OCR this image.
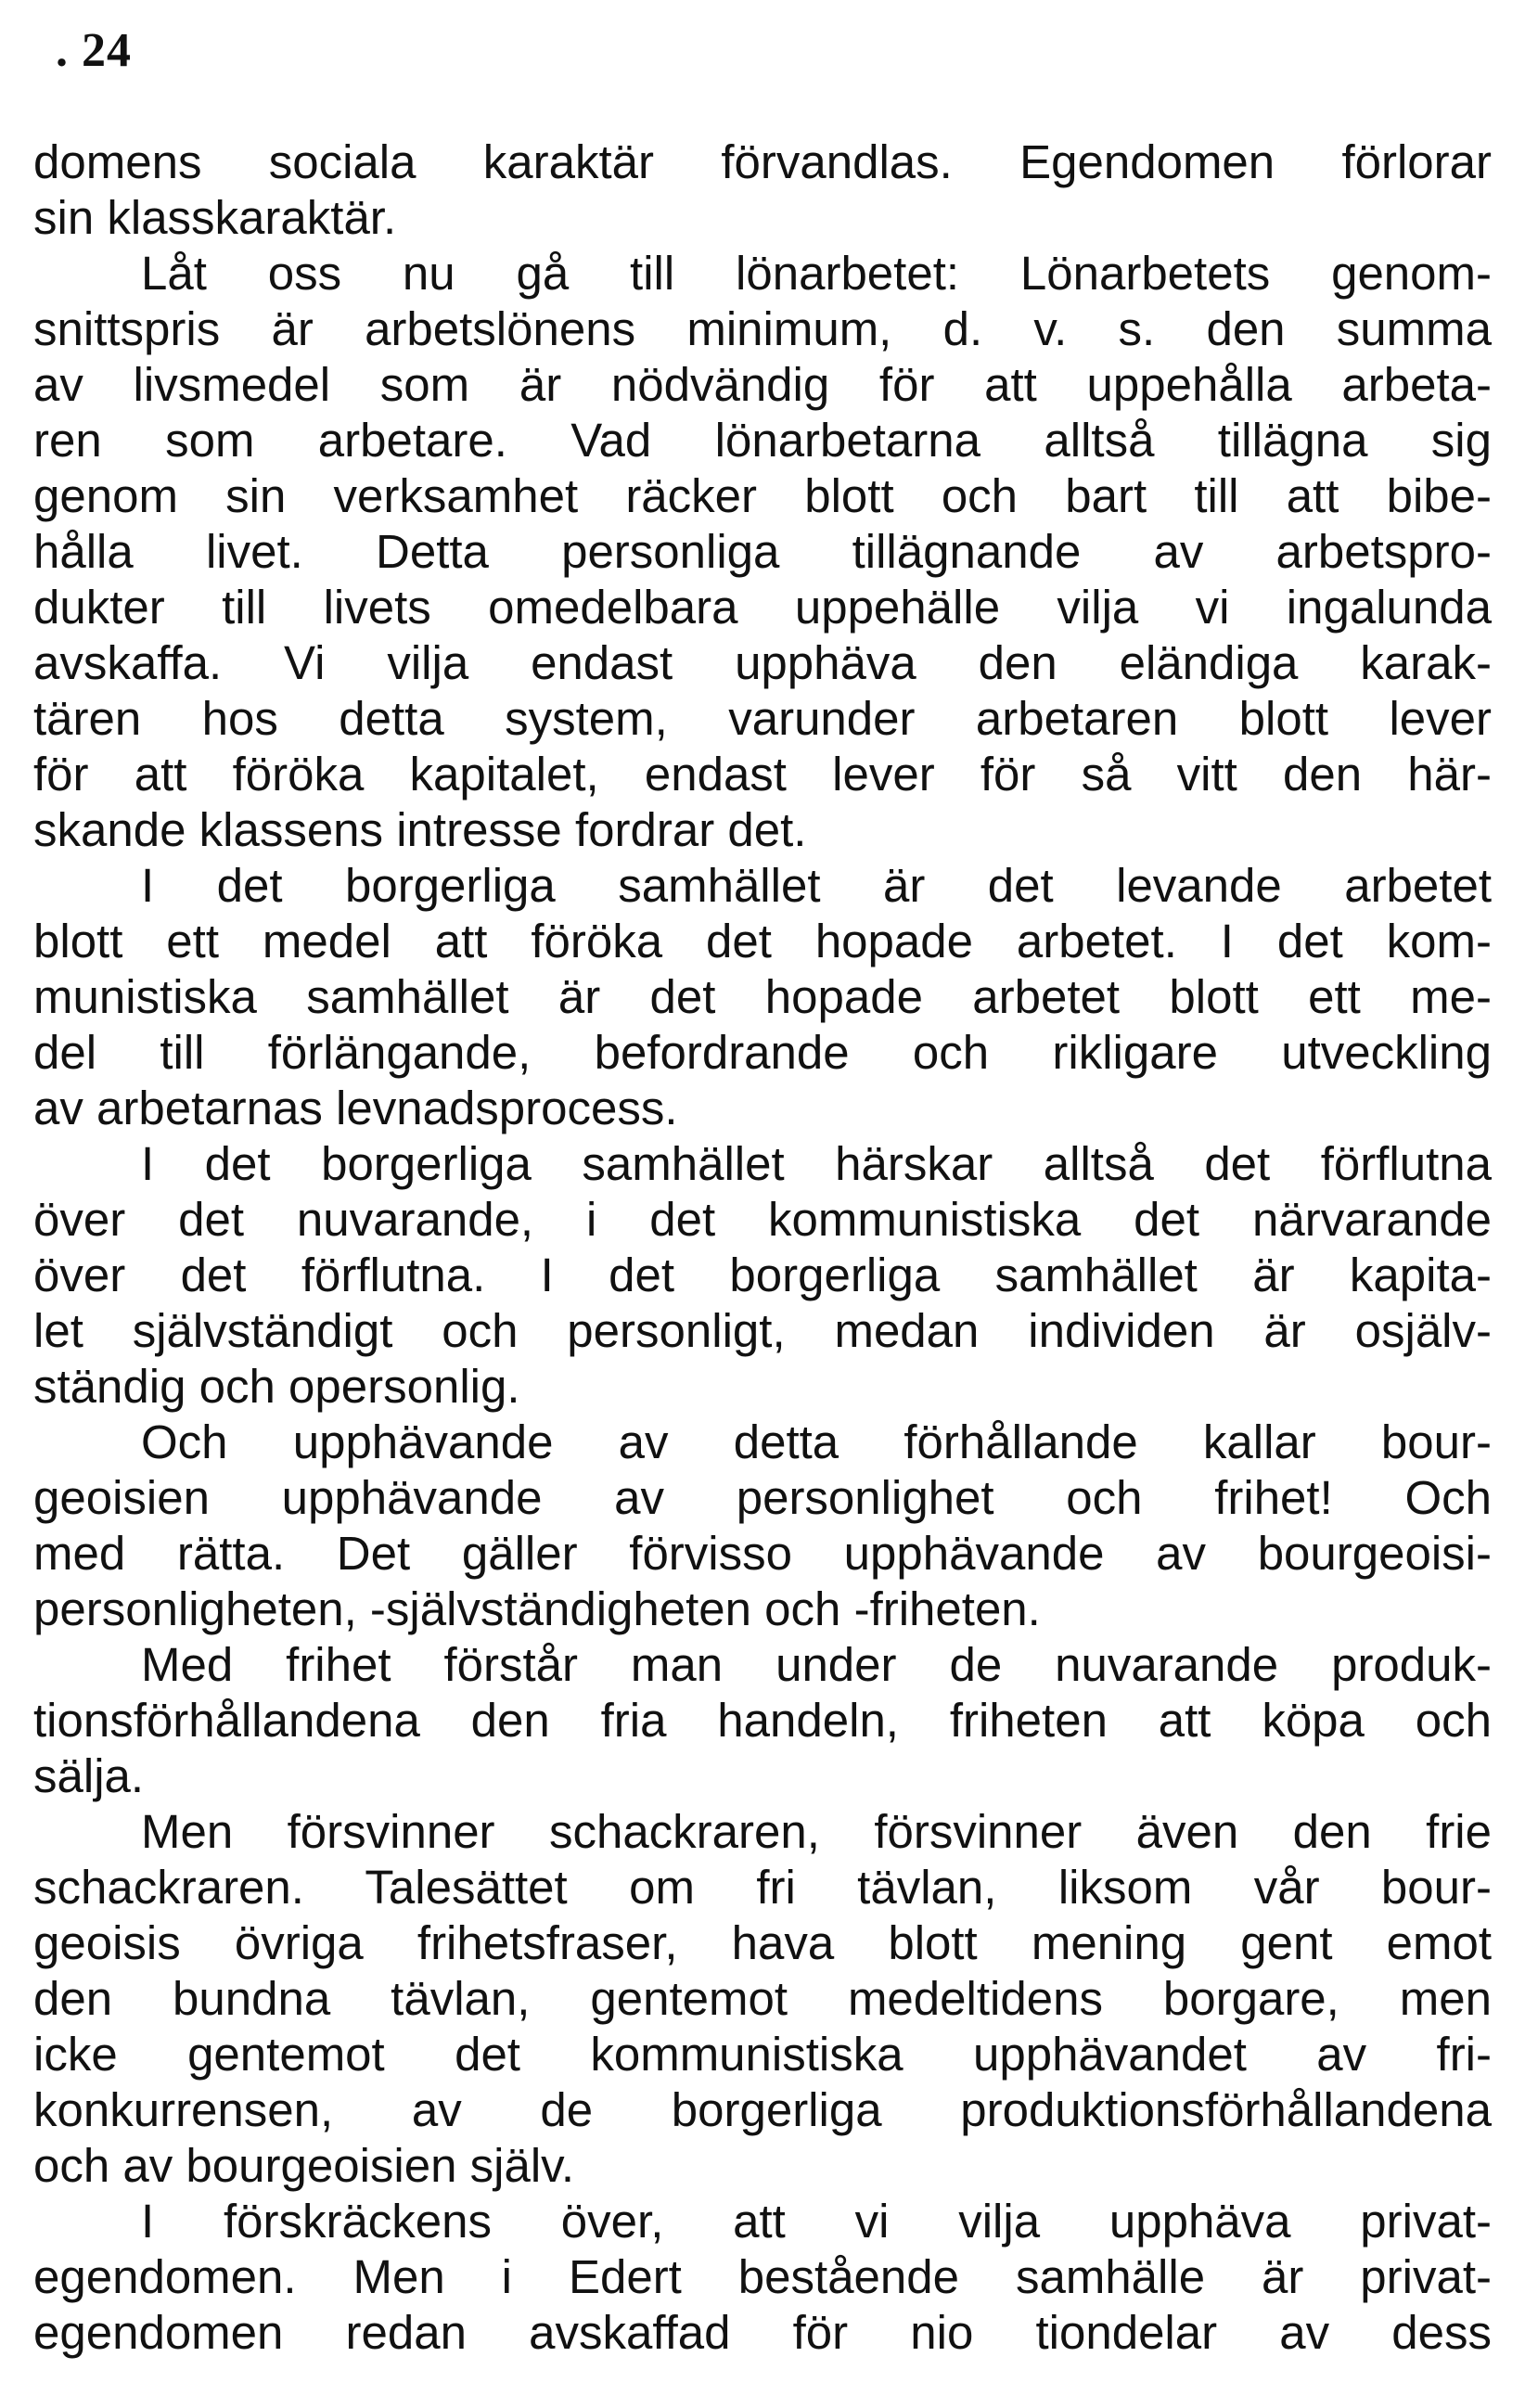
. 24
domens sociala karaktär förvandlas. Egendomen förlorar
sin klasskaraktär.
Låt oss nu gå till lönarbetet: Lönarbetets genom-
snittspris är arbetslönens minimum, d. v. s. den summa
av livsmedel som är nödvändig för att uppehålla arbeta-
ren som arbetare. Vad lönarbetarna alltså tillägna sig
genom sin verksamhet räcker blott och bart till att bibe-
hålla livet. Detta personliga tillägnande av arbetspro-
dukter till livets omedelbara uppehälle vilja vi ingalunda
avskaffa. Vi vilja endast upphäva den eländiga karak-
tären hos detta system, varunder arbetaren blott lever
för att föröka kapitalet, endast lever för så vitt den här-
skande klassens intresse fordrar det.
I det borgerliga samhället är det levande arbetet
blott ett medel att föröka det hopade arbetet. I det kom-
munistiska samhället är det hopade arbetet blott ett me-
del till förlängande, befordrande och rikligare utveckling
av arbetarnas levnadsprocess.
I det borgerliga samhället härskar alltså det förflutna
över det nuvarande, i det kommunistiska det närvarande
över det förflutna. I det borgerliga samhället är kapita-
let självständigt och personligt, medan individen är osjälv-
ständig och opersonlig.
Och upphävande av detta förhållande kallar bour-
geoisien upphävande av personlighet och frihet! Och
med rätta. Det gäller förvisso upphävande av bourgeoisi-
personligheten, -självständigheten och -friheten.
Med frihet förstår man under de nuvarande produk-
tionsförhållandena den fria handeln, friheten att köpa och
sälja.
Men försvinner schackraren, försvinner även den frie
schackraren. Talesättet om fri tävlan, liksom vår bour-
geoisis övriga frihetsfraser, hava blott mening gent emot
den bundna tävlan, gentemot medeltidens borgare, men
icke gentemot det kommunistiska upphävandet av fri-
konkurrensen, av de borgerliga produktionsförhållandena
och av bourgeoisien själv.
I förskräckens över, att vi vilja upphäva privat-
egendomen. Men i Edert bestående samhälle är privat-
egendomen redan avskaffad för nio tiondelar av dess
